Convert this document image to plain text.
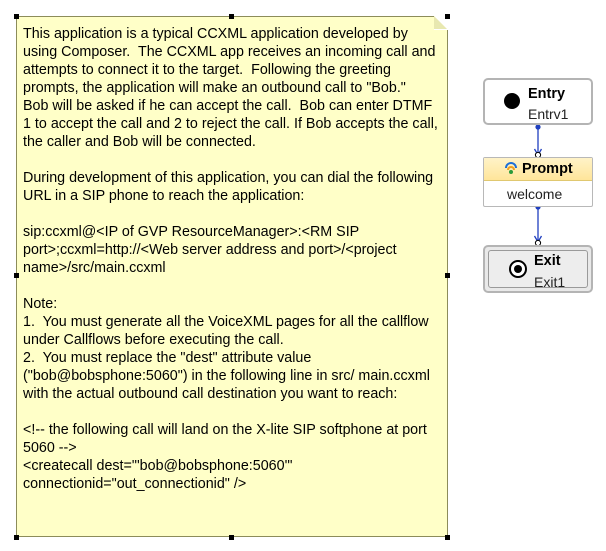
This application is a typical CCXML application developed by using Composer.  The CCXML app receives an incoming call and attempts to connect it to the target.  Following the greeting prompts, the application will make an outbound call to "Bob."  Bob will be asked if he can accept the call.  Bob can enter DTMF 1 to accept the call and 2 to reject the call. If Bob accepts the call, the caller and Bob will be connected.

During development of this application, you can dial the following URL in a SIP phone to reach the application:

sip:ccxml@<IP of GVP ResourceManager>:<RM SIP port>;ccxml=http://<Web server address and port>/<project name>/src/main.ccxml

Note:
1.  You must generate all the VoiceXML pages for all the callflow under Callflows before executing the call.
2.  You must replace the "dest" attribute value ("bob@bobsphone:5060") in the following line in src/ main.ccxml with the actual outbound call destination you want to reach:

<!-- the following call will land on the X-lite SIP softphone at port 5060 -->
<createcall dest="'bob@bobsphone:5060'" connectionid="out_connectionid" />
Entry
Entrv1
Prompt
welcome
Exit
Exit1
